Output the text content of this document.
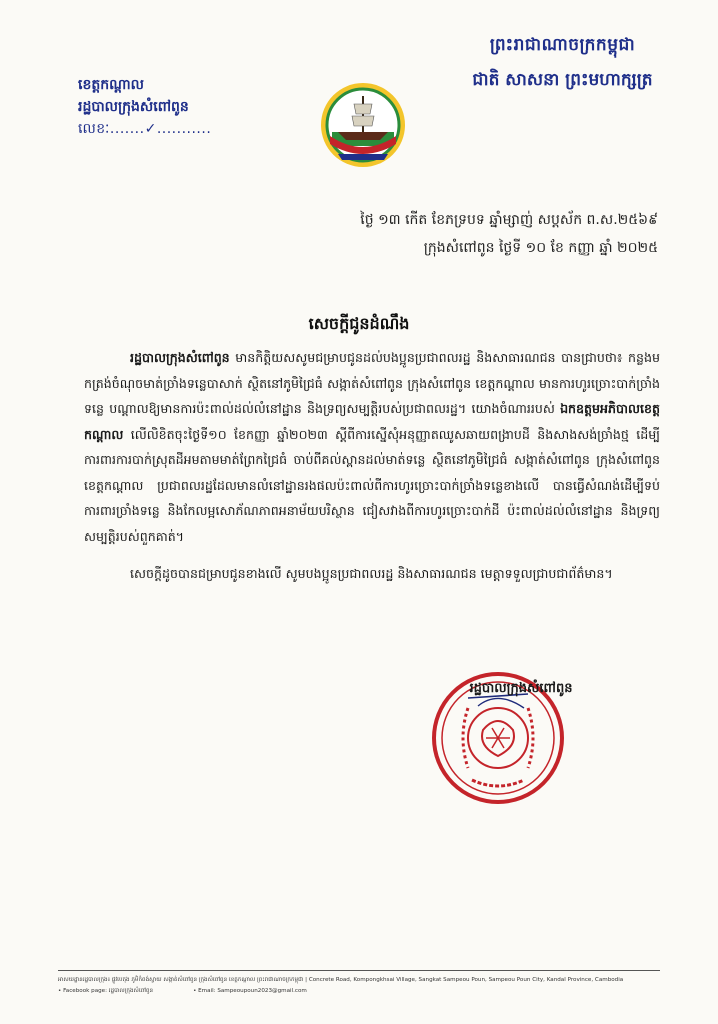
ព្រះរាជាណាចក្រកម្ពុជា
ជាតិ សាសនា ព្រះមហាក្សត្រ
ខេត្តកណ្ដាល
រដ្ឋបាលក្រុងសំពៅពូន
លេខៈ.......✓...........
ថ្ងៃ ១៣ កើត ខែភទ្របទ ឆ្នាំម្សាញ់ សប្ដស័ក ព.ស.២៥៦៩
ក្រុងសំពៅពូន ថ្ងៃទី ១០ ខែ កញ្ញា ឆ្នាំ ២០២៥
សេចក្ដីជូនដំណឹង

រដ្ឋបាលក្រុងសំពៅពូន មានកិត្តិយសសូមជម្រាបជូនដល់បងប្អូនប្រជាពលរដ្ឋ និងសាធារណជន បានជ្រាបថា៖ កន្លងមកត្រង់ចំណុចមាត់ច្រាំងទន្លេបាសាក់ ស្ថិតនៅភូមិជ្រៃធំ សង្កាត់សំពៅពូន ក្រុងសំពៅពូន ខេត្តកណ្ដាល មានការហូរច្រោះបាក់ច្រាំងទន្លេ បណ្ដាលឱ្យមានការប៉ះពាល់ដល់លំនៅដ្ឋាន និងទ្រព្យសម្បត្តិរបស់ប្រជាពលរដ្ឋ។ យោងចំណាររបស់ ឯកឧត្តមអភិបាលខេត្តកណ្ដាល លើលិខិតចុះថ្ងៃទី១០ ខែកញ្ញា ឆ្នាំ២០២៣ ស្ដីពីការស្នើសុំអនុញ្ញាតឈូសឆាយពង្រាបដី និងសាងសង់ច្រាំងថ្ម ដើម្បីការពារការបាក់ស្រុតដីអមតាមមាត់ព្រែកជ្រៃធំ ចាប់ពីគល់ស្ពានដល់មាត់ទន្លេ ស្ថិតនៅភូមិជ្រៃធំ សង្កាត់សំពៅពូន ក្រុងសំពៅពូន ខេត្តកណ្ដាល ប្រជាពលរដ្ឋដែលមានលំនៅដ្ឋានរងផលប៉ះពាល់ពីការហូរច្រោះបាក់ច្រាំងទន្លេខាងលើ បានធ្វើសំណង់ដើម្បីទប់ការពារច្រាំងទន្លេ និងកែលម្អសោភ័ណភាពអនាម័យបរិស្ថាន ជៀសវាងពីការហូរច្រោះបាក់ដី ប៉ះពាល់ដល់លំនៅដ្ឋាន និងទ្រព្យសម្បត្តិរបស់ពួកគាត់។

សេចក្ដីដូចបានជម្រាបជូនខាងលើ សូមបងប្អូនប្រជាពលរដ្ឋ និងសាធារណជន មេត្តាទទួលជ្រាបជាព័ត៌មាន។

រដ្ឋបាលក្រុងសំពៅពូន
អាសយដ្ឋានរដ្ឋបាលក្រុង៖ ផ្លូវបេតុង ភូមិកំពង់ស្វាយ សង្កាត់សំពៅពូន ក្រុងសំពៅពូន ខេត្តកណ្ដាល ព្រះរាជាណាចក្រកម្ពុជា | Concrete Road, Kompongkhsai Village, Sangkat Sampeou Poun, Sampeou Poun City, Kandal Province, Cambodia
• Facebook page: រដ្ឋបាលក្រុងសំពៅពូន
•	Email: Sampeoupoun2023@gmail.com
